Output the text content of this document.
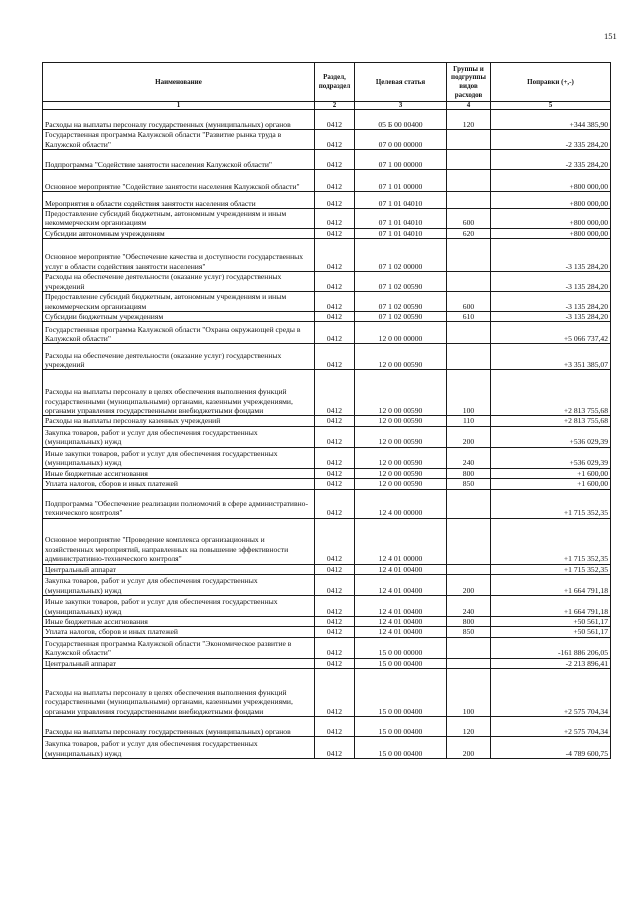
151
Наименование	Раздел, подраздел	Целевая статья	Группы и подгруппы видов расходов	Поправки (+,-)
1	2	3	4	5
Расходы на выплаты персоналу государственных (муниципальных) органов	0412	05 Б 00 00400	120	+344 385,90
Государственная программа Калужской области "Развитие рынка труда в Калужской области"	0412	07 0 00 00000		-2 335 284,20
Подпрограмма "Содействие занятости населения Калужской области"	0412	07 1 00 00000		-2 335 284,20
Основное мероприятие "Содействие занятости населения Калужской области"	0412	07 1 01 00000		+800 000,00
Мероприятия в области содействия занятости населения области	0412	07 1 01 04010		+800 000,00
Предоставление субсидий бюджетным, автономным учреждениям и иным некоммерческим организациям	0412	07 1 01 04010	600	+800 000,00
Субсидии автономным учреждениям	0412	07 1 01 04010	620	+800 000,00
Основное мероприятие "Обеспечение качества и доступности государственных услуг в области содействия занятости населения"	0412	07 1 02 00000		-3 135 284,20
Расходы на обеспечение деятельности (оказание услуг) государственных учреждений	0412	07 1 02 00590		-3 135 284,20
Предоставление субсидий бюджетным, автономным учреждениям и иным некоммерческим организациям	0412	07 1 02 00590	600	-3 135 284,20
Субсидии бюджетным учреждениям	0412	07 1 02 00590	610	-3 135 284,20
Государственная программа Калужской области "Охрана окружающей среды в Калужской области"	0412	12 0 00 00000		+5 066 737,42
Расходы на обеспечение деятельности (оказание услуг) государственных учреждений	0412	12 0 00 00590		+3 351 385,07
Расходы на выплаты персоналу в целях обеспечения выполнения функций государственными (муниципальными) органами, казенными учреждениями, органами управления государственными внебюджетными фондами	0412	12 0 00 00590	100	+2 813 755,68
Расходы на выплаты персоналу казенных учреждений	0412	12 0 00 00590	110	+2 813 755,68
Закупка товаров, работ и услуг для обеспечения государственных (муниципальных) нужд	0412	12 0 00 00590	200	+536 029,39
Иные закупки товаров, работ и услуг для обеспечения государственных (муниципальных) нужд	0412	12 0 00 00590	240	+536 029,39
Иные бюджетные ассигнования	0412	12 0 00 00590	800	+1 600,00
Уплата налогов, сборов и иных платежей	0412	12 0 00 00590	850	+1 600,00
Подпрограмма "Обеспечение реализации полномочий в сфере административно-технического контроля"	0412	12 4 00 00000		+1 715 352,35
Основное мероприятие "Проведение комплекса организационных и хозяйственных мероприятий, направленных на повышение эффективности административно-технического контроля"	0412	12 4 01 00000		+1 715 352,35
Центральный аппарат	0412	12 4 01 00400		+1 715 352,35
Закупка товаров, работ и услуг для обеспечения государственных (муниципальных) нужд	0412	12 4 01 00400	200	+1 664 791,18
Иные закупки товаров, работ и услуг для обеспечения государственных (муниципальных) нужд	0412	12 4 01 00400	240	+1 664 791,18
Иные бюджетные ассигнования	0412	12 4 01 00400	800	+50 561,17
Уплата налогов, сборов и иных платежей	0412	12 4 01 00400	850	+50 561,17
Государственная программа Калужской области "Экономическое развитие в Калужской области"	0412	15 0 00 00000		-161 886 206,05
Центральный аппарат	0412	15 0 00 00400		-2 213 896,41
Расходы на выплаты персоналу в целях обеспечения выполнения функций государственными (муниципальными) органами, казенными учреждениями, органами управления государственными внебюджетными фондами	0412	15 0 00 00400	100	+2 575 704,34
Расходы на выплаты персоналу государственных (муниципальных) органов	0412	15 0 00 00400	120	+2 575 704,34
Закупка товаров, работ и услуг для обеспечения государственных (муниципальных) нужд	0412	15 0 00 00400	200	-4 789 600,75
